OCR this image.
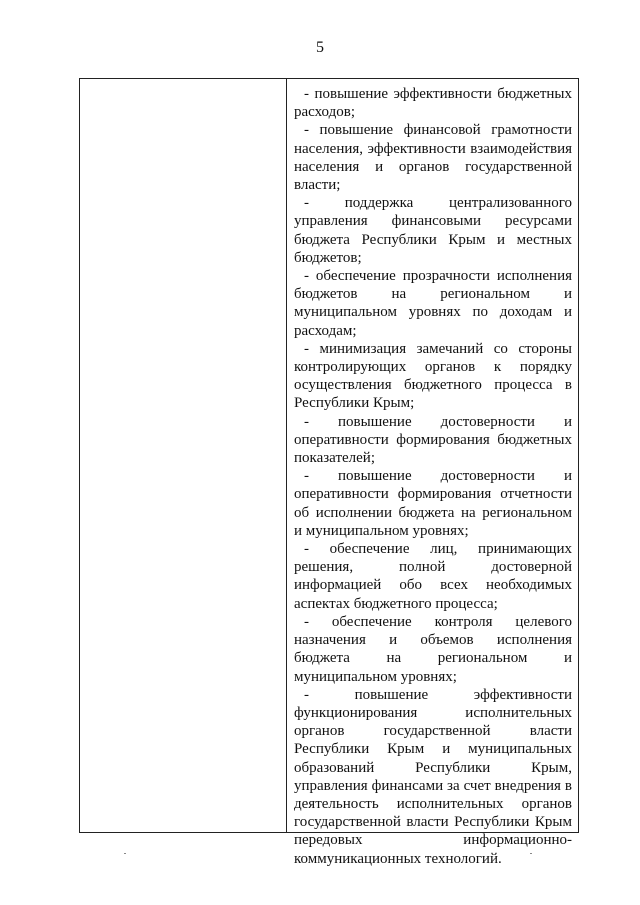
5

- повышение эффективности бюджетных расходов;

- повышение финансовой грамотности населения, эффективности взаимодействия населения и органов государственной власти;

- поддержка централизованного управления финансовыми ресурсами бюджета Республики Крым и местных бюджетов;

- обеспечение прозрачности исполнения бюджетов на региональном и муниципальном уровнях по доходам и расходам;

- минимизация замечаний со стороны контролирующих органов к порядку осуществления бюджетного процесса в Республики Крым;

- повышение достоверности и оперативности формирования бюджетных показателей;

- повышение достоверности и оперативности формирования отчетности об исполнении бюджета на региональном и муниципальном уровнях;

- обеспечение лиц, принимающих решения, полной достоверной информацией обо всех необходимых аспектах бюджетного процесса;

- обеспечение контроля целевого назначения и объемов исполнения бюджета на региональном и муниципальном уровнях;

- повышение эффективности функционирования исполнительных органов государственной власти Республики Крым и муниципальных образований Республики Крым, управления финансами за счет внедрения в деятельность исполнительных органов государственной власти Республики Крым передовых информационно-коммуникационных технологий.
